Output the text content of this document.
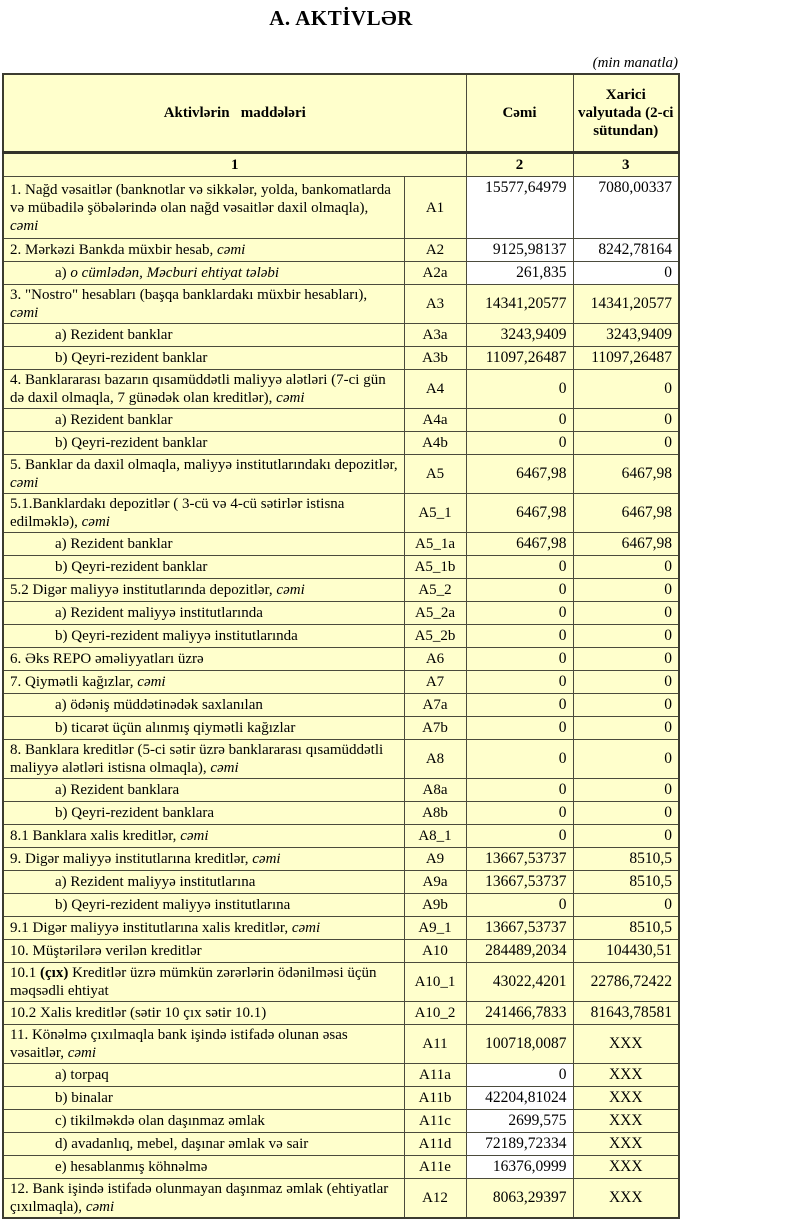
A. AKTİVLƏR
(min manatla)
Aktivlərin   maddələri		Cəmi	Xarici valyutada (2-ci sütundan)
1		2	3
1. Nağd vəsaitlər (banknotlar və sikkələr, yolda, bankomatlarda və mübadilə şöbələrində olan nağd vəsaitlər daxil olmaqla), cəmi	A1	15577,64979	7080,00337
2. Mərkəzi Bankda müxbir hesab, cəmi	A2	9125,98137	8242,78164
a) o cümlədən, Məcburi ehtiyat tələbi	A2a	261,835	0
3. "Nostro" hesabları (başqa banklardakı müxbir hesabları), cəmi	A3	14341,20577	14341,20577
a) Rezident banklar	A3a	3243,9409	3243,9409
b) Qeyri-rezident banklar	A3b	11097,26487	11097,26487
4. Banklararası bazarın qısamüddətli maliyyə alətləri (7-ci gün də daxil olmaqla, 7 günədək olan kreditlər), cəmi	A4	0	0
a) Rezident banklar	A4a	0	0
b) Qeyri-rezident banklar	A4b	0	0
5. Banklar da daxil olmaqla, maliyyə institutlarındakı depozitlər, cəmi	A5	6467,98	6467,98
5.1.Banklardakı depozitlər ( 3-cü və 4-cü sətirlər istisna edilməklə), cəmi	A5_1	6467,98	6467,98
a) Rezident banklar	A5_1a	6467,98	6467,98
b) Qeyri-rezident banklar	A5_1b	0	0
5.2 Digər maliyyə institutlarında depozitlər, cəmi	A5_2	0	0
a) Rezident maliyyə institutlarında	A5_2a	0	0
b) Qeyri-rezident maliyyə institutlarında	A5_2b	0	0
6. Əks REPO əməliyyatları üzrə	A6	0	0
7. Qiymətli kağızlar, cəmi	A7	0	0
a) ödəniş müddətinədək saxlanılan	A7a	0	0
b) ticarət üçün alınmış qiymətli kağızlar	A7b	0	0
8. Banklara kreditlər (5-ci sətir üzrə banklararası qısamüddətli maliyyə alətləri istisna olmaqla), cəmi	A8	0	0
a) Rezident banklara	A8a	0	0
b) Qeyri-rezident banklara	A8b	0	0
8.1 Banklara xalis kreditlər, cəmi	A8_1	0	0
9. Digər maliyyə institutlarına kreditlər, cəmi	A9	13667,53737	8510,5
a) Rezident maliyyə institutlarına	A9a	13667,53737	8510,5
b) Qeyri-rezident maliyyə institutlarına	A9b	0	0
9.1 Digər maliyyə institutlarına xalis kreditlər, cəmi	A9_1	13667,53737	8510,5
10. Müştərilərə verilən kreditlər	A10	284489,2034	104430,51
10.1 (çıx) Kreditlər üzrə mümkün zərərlərin ödənilməsi üçün məqsədli ehtiyat	A10_1	43022,4201	22786,72422
10.2 Xalis kreditlər (sətir 10 çıx sətir 10.1)	A10_2	241466,7833	81643,78581
11. Könəlmə çıxılmaqla bank işində istifadə olunan əsas vəsaitlər, cəmi	A11	100718,0087	XXX
a) torpaq	A11a	0	XXX
b) binalar	A11b	42204,81024	XXX
c) tikilməkdə olan daşınmaz əmlak	A11c	2699,575	XXX
d) avadanlıq, mebel, daşınar əmlak və sair	A11d	72189,72334	XXX
e) hesablanmış köhnəlmə	A11e	16376,0999	XXX
12. Bank işində istifadə olunmayan daşınmaz əmlak (ehtiyatlar çıxılmaqla), cəmi	A12	8063,29397	XXX
